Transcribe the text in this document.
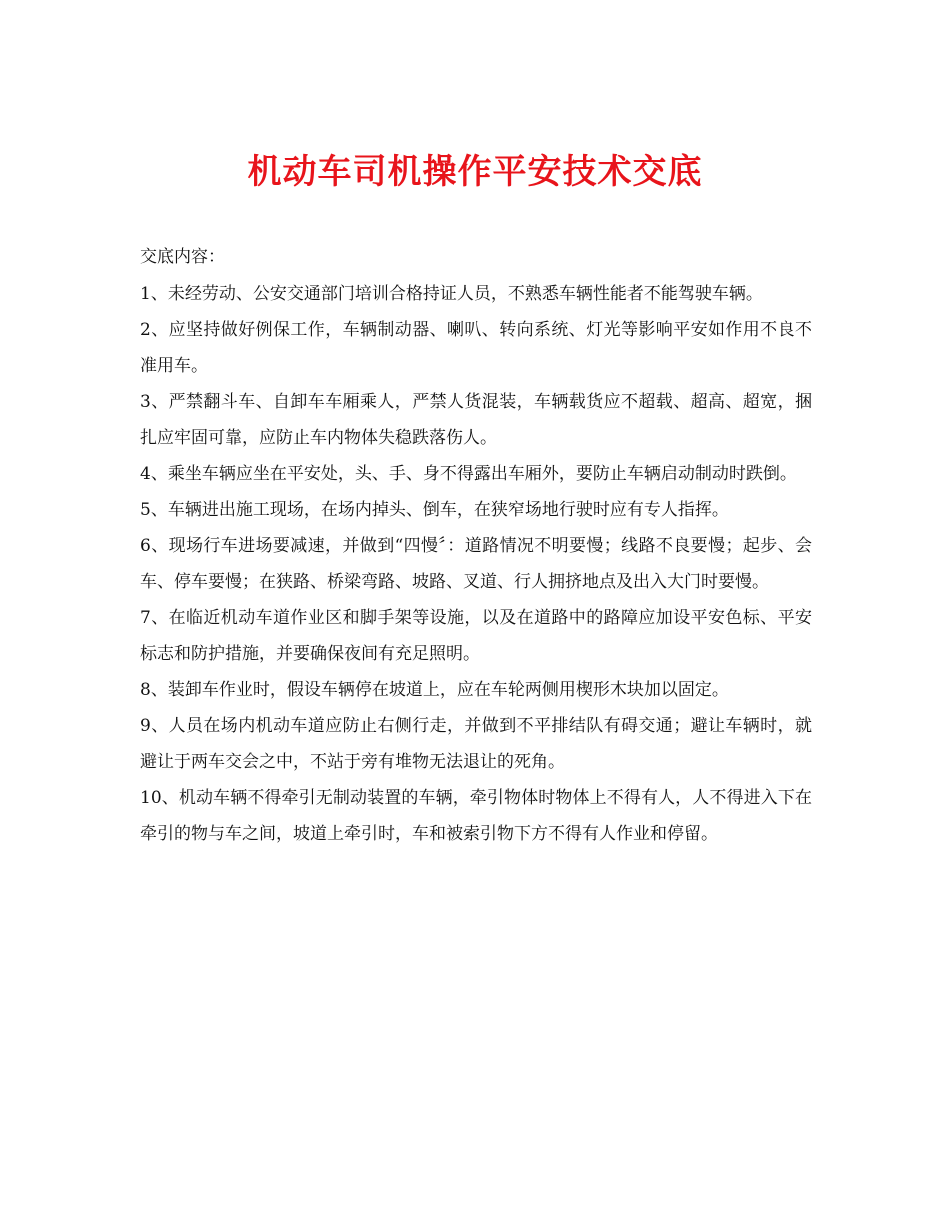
机动车司机操作平安技术交底

交底内容：

1、未经劳动、公安交通部门培训合格持证人员，不熟悉车辆性能者不能驾驶车辆。
2、应坚持做好例保工作，车辆制动器、喇叭、转向系统、灯光等影响平安如作用不良不准用车。
3、严禁翻斗车、自卸车车厢乘人，严禁人货混装，车辆载货应不超载、超高、超宽，捆扎应牢固可靠，应防止车内物体失稳跌落伤人。
4、乘坐车辆应坐在平安处，头、手、身不得露出车厢外，要防止车辆启动制动时跌倒。
5、车辆进出施工现场，在场内掉头、倒车，在狭窄场地行驶时应有专人指挥。
6、现场行车进场要减速，并做到“四慢〞：道路情况不明要慢；线路不良要慢；起步、会车、停车要慢；在狭路、桥梁弯路、坡路、叉道、行人拥挤地点及出入大门时要慢。
7、在临近机动车道作业区和脚手架等设施，以及在道路中的路障应加设平安色标、平安标志和防护措施，并要确保夜间有充足照明。
8、装卸车作业时，假设车辆停在坡道上，应在车轮两侧用楔形木块加以固定。
9、人员在场内机动车道应防止右侧行走，并做到不平排结队有碍交通；避让车辆时，就避让于两车交会之中，不站于旁有堆物无法退让的死角。
10、机动车辆不得牵引无制动装置的车辆，牵引物体时物体上不得有人，人不得进入下在牵引的物与车之间，坡道上牵引时，车和被索引物下方不得有人作业和停留。
